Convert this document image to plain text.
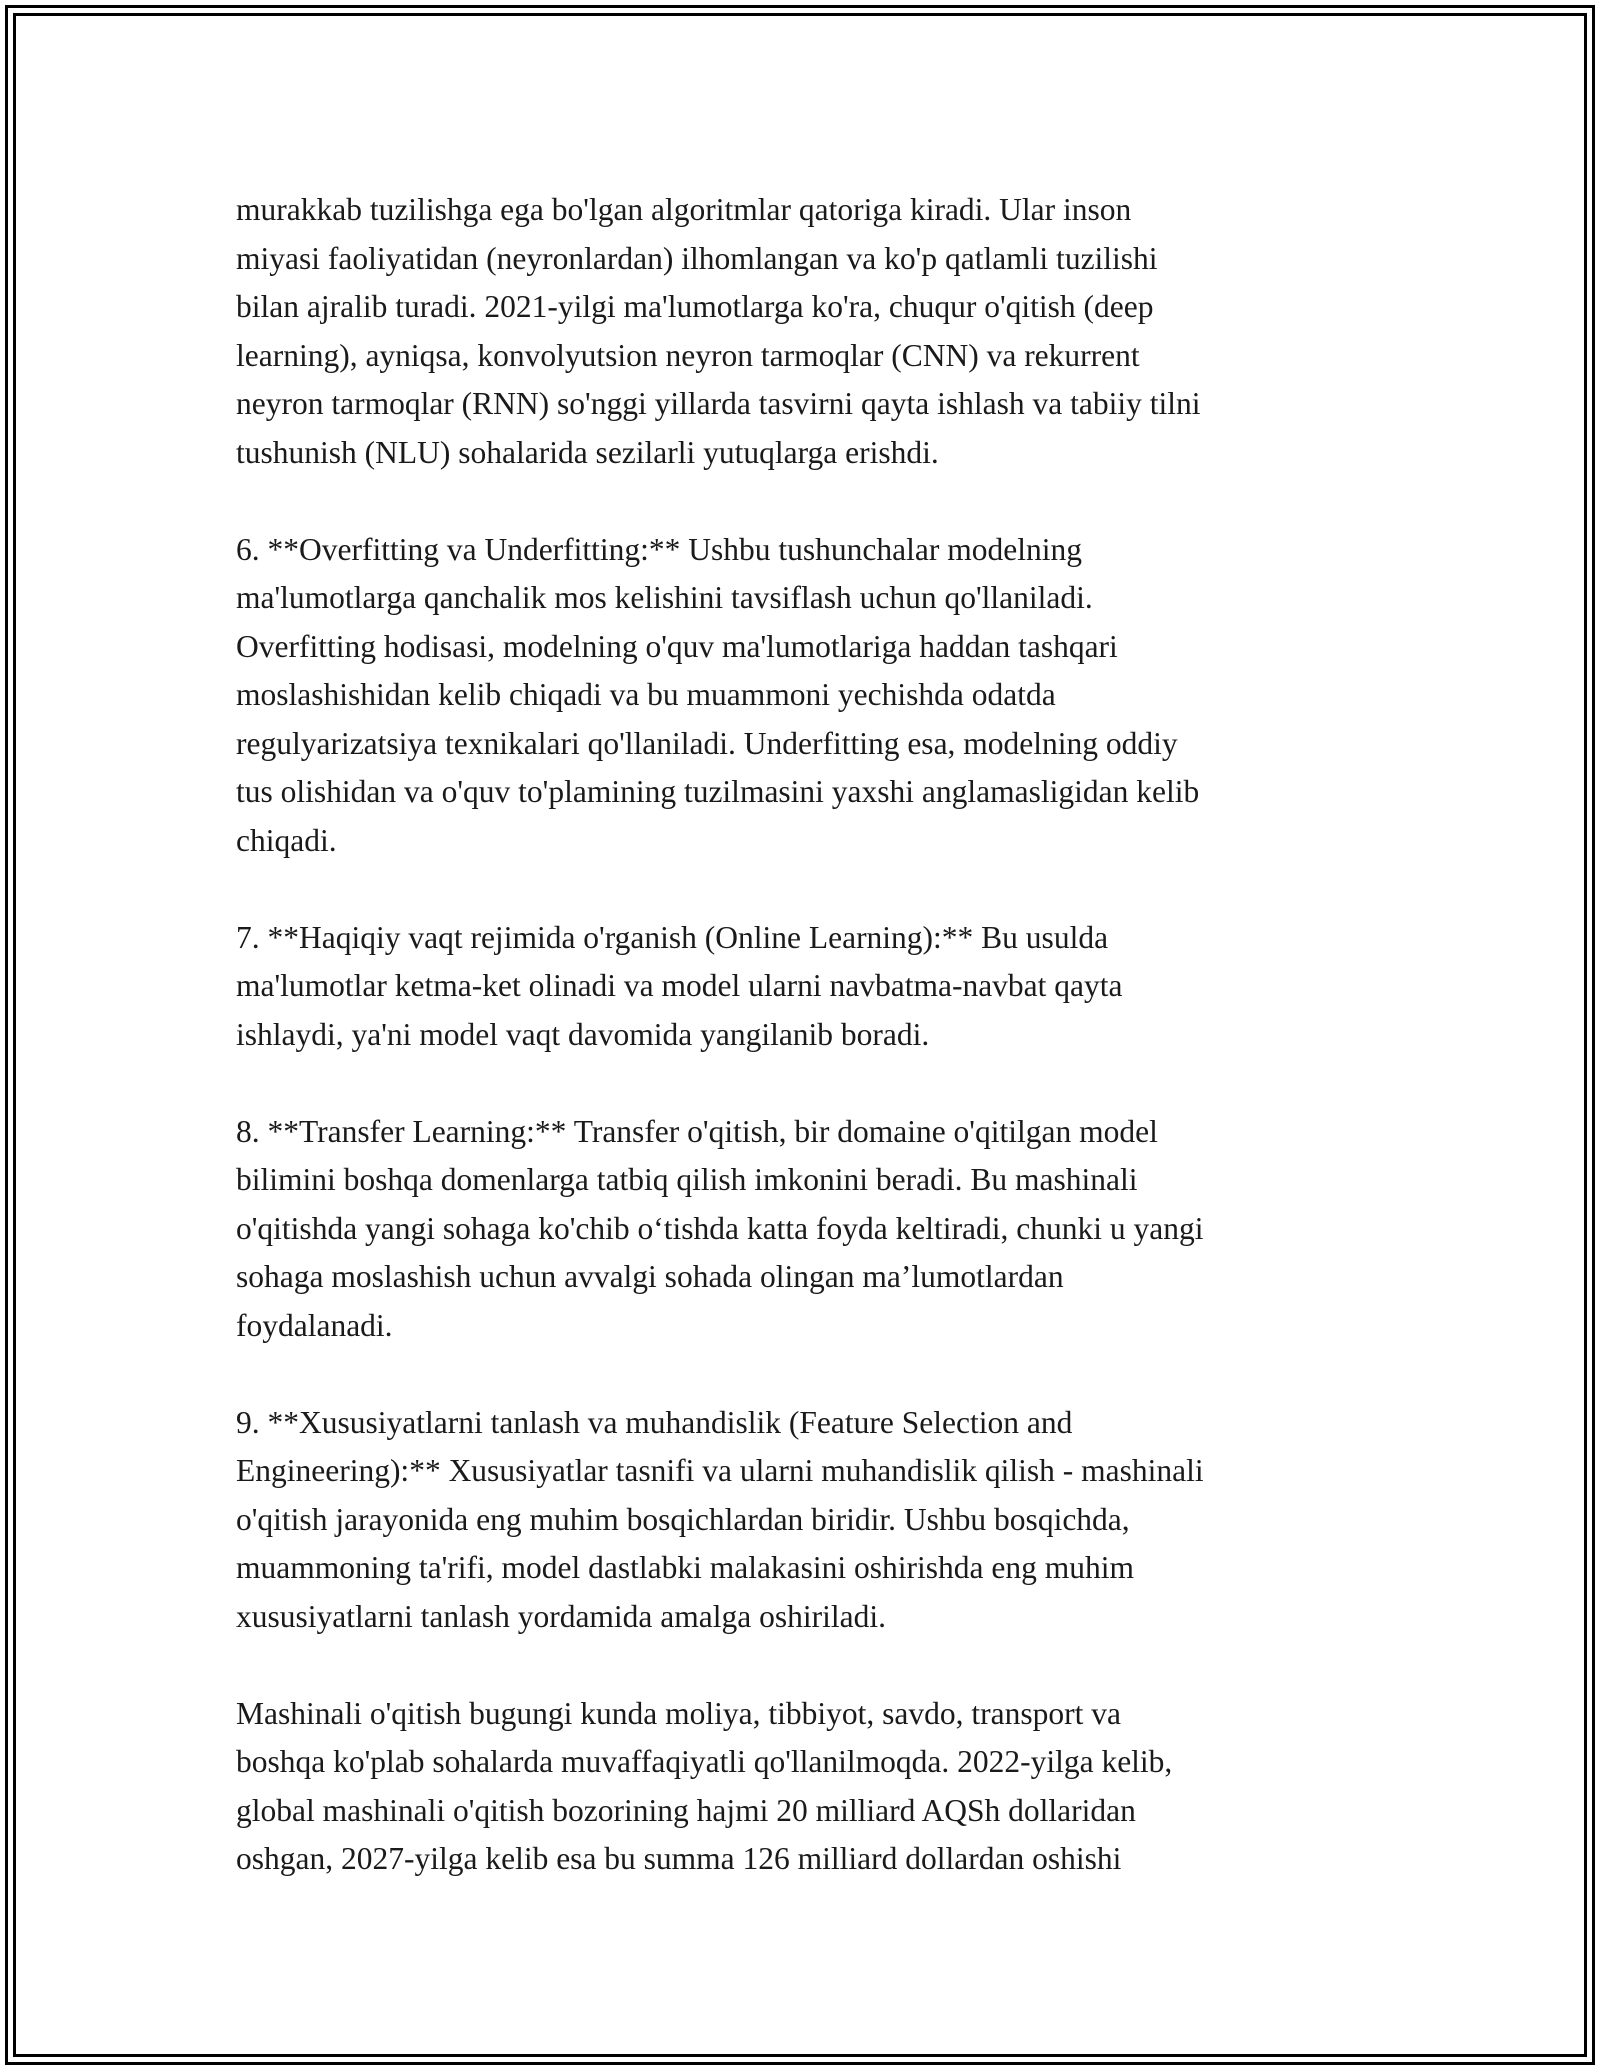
murakkab tuzilishga ega bo'lgan algoritmlar qatoriga kiradi. Ular inson
miyasi faoliyatidan (neyronlardan) ilhomlangan va ko'p qatlamli tuzilishi
bilan ajralib turadi. 2021-yilgi ma'lumotlarga ko'ra, chuqur o'qitish (deep
learning), ayniqsa, konvolyutsion neyron tarmoqlar (CNN) va rekurrent
neyron tarmoqlar (RNN) so'nggi yillarda tasvirni qayta ishlash va tabiiy tilni
tushunish (NLU) sohalarida sezilarli yutuqlarga erishdi.

6. **Overfitting va Underfitting:** Ushbu tushunchalar modelning
ma'lumotlarga qanchalik mos kelishini tavsiflash uchun qo'llaniladi.
Overfitting hodisasi, modelning o'quv ma'lumotlariga haddan tashqari
moslashishidan kelib chiqadi va bu muammoni yechishda odatda
regulyarizatsiya texnikalari qo'llaniladi. Underfitting esa, modelning oddiy
tus olishidan va o'quv to'plamining tuzilmasini yaxshi anglamasligidan kelib
chiqadi.

7. **Haqiqiy vaqt rejimida o'rganish (Online Learning):** Bu usulda
ma'lumotlar ketma-ket olinadi va model ularni navbatma-navbat qayta
ishlaydi, ya'ni model vaqt davomida yangilanib boradi.

8. **Transfer Learning:** Transfer o'qitish, bir domaine o'qitilgan model
bilimini boshqa domenlarga tatbiq qilish imkonini beradi. Bu mashinali
o'qitishda yangi sohaga ko'chib o‘tishda katta foyda keltiradi, chunki u yangi
sohaga moslashish uchun avvalgi sohada olingan ma’lumotlardan
foydalanadi.

9. **Xususiyatlarni tanlash va muhandislik (Feature Selection and
Engineering):** Xususiyatlar tasnifi va ularni muhandislik qilish - mashinali
o'qitish jarayonida eng muhim bosqichlardan biridir. Ushbu bosqichda,
muammoning ta'rifi, model dastlabki malakasini oshirishda eng muhim
xususiyatlarni tanlash yordamida amalga oshiriladi.

Mashinali o'qitish bugungi kunda moliya, tibbiyot, savdo, transport va
boshqa ko'plab sohalarda muvaffaqiyatli qo'llanilmoqda. 2022-yilga kelib,
global mashinali o'qitish bozorining hajmi 20 milliard AQSh dollaridan
oshgan, 2027-yilga kelib esa bu summa 126 milliard dollardan oshishi
